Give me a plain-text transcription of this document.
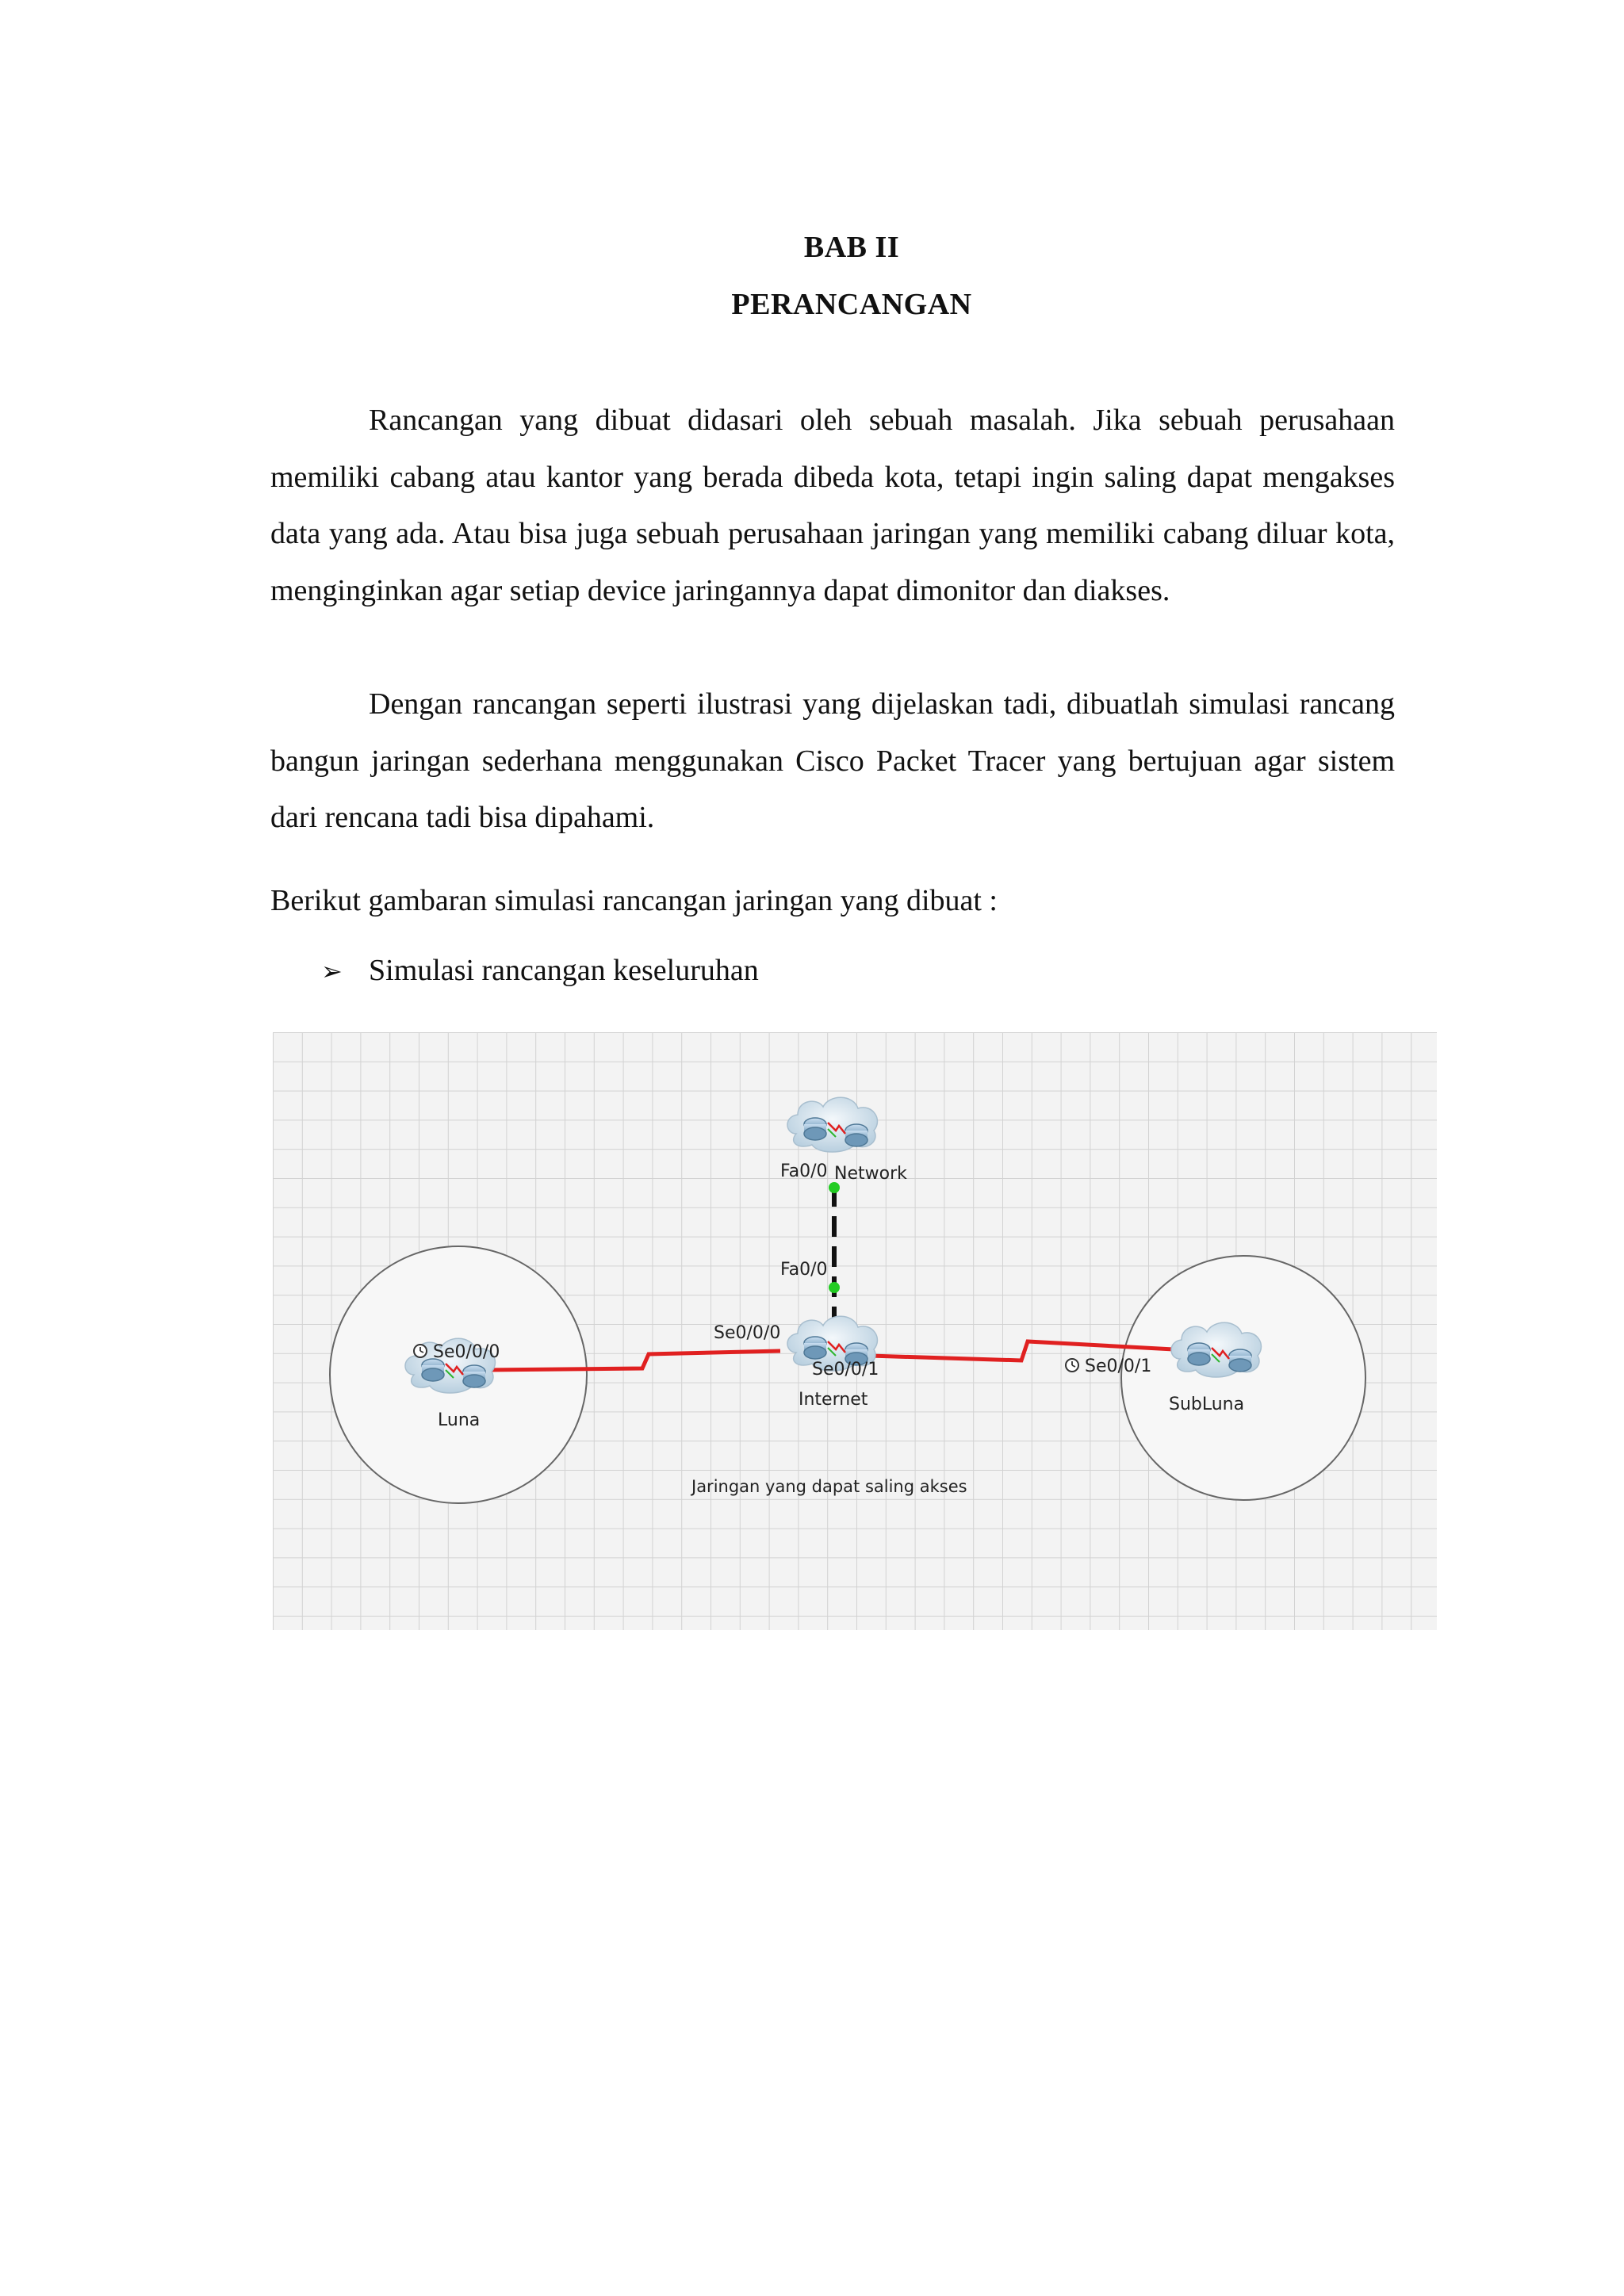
BAB II
PERANCANGAN

Rancangan yang dibuat didasari oleh sebuah masalah. Jika sebuah perusahaan memiliki cabang atau kantor yang berada dibeda kota, tetapi ingin saling dapat mengakses data yang ada. Atau bisa juga sebuah perusahaan jaringan yang memiliki cabang diluar kota, menginginkan agar setiap device jaringannya dapat dimonitor dan diakses.

Dengan rancangan seperti ilustrasi yang dijelaskan tadi, dibuatlah simulasi rancang bangun jaringan sederhana menggunakan Cisco Packet Tracer yang bertujuan agar sistem dari rencana tadi bisa dipahami.

Berikut gambaran simulasi rancangan jaringan yang dibuat :

➢ Simulasi rancangan keseluruhan
Fa0/0 Network
Fa0/0
Se0/0/0
Se0/0/1
Internet
Se0/0/0
Luna
Se0/0/1
SubLuna
Jaringan yang dapat saling akses
